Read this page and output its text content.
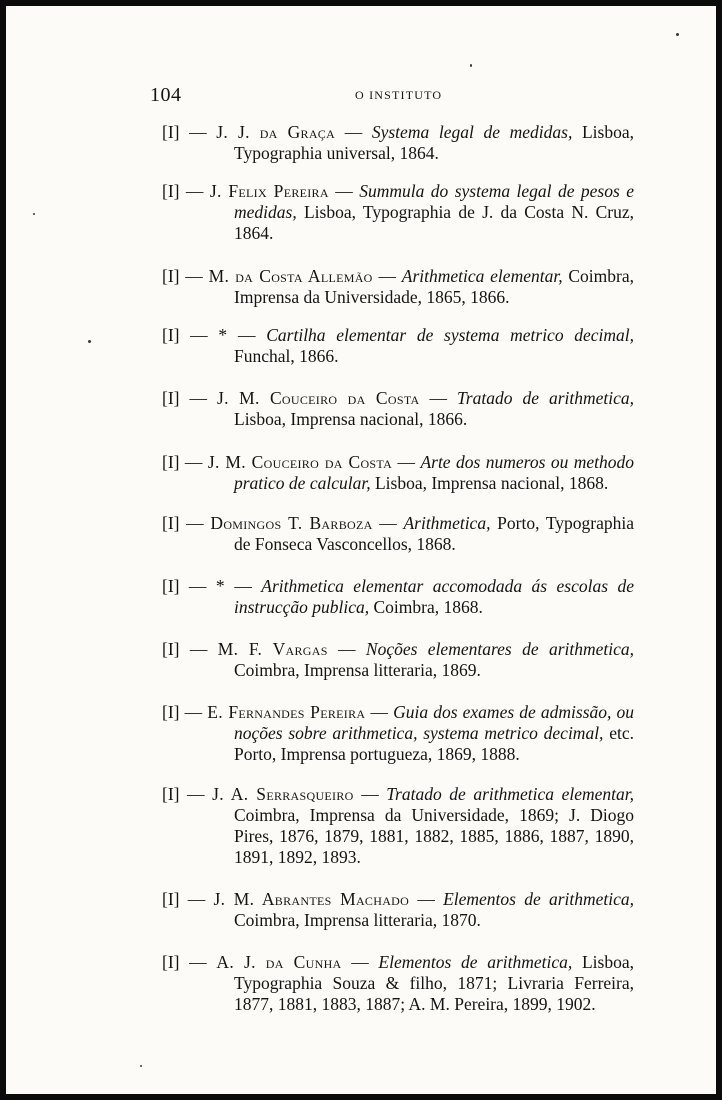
104	O INSTITUTO

[I] — J. J. da Graça — Systema legal de medidas, Lisboa, Typographia universal, 1864.

[I] — J. Felix Pereira — Summula do systema legal de pesos e medidas, Lisboa, Typographia de J. da Costa N. Cruz, 1864.

[I] — M. da Costa Allemão — Arithmetica elementar, Coimbra, Imprensa da Universidade, 1865, 1866.

[I] — * — Cartilha elementar de systema metrico decimal, Funchal, 1866.

[I] — J. M. Couceiro da Costa — Tratado de arithmetica, Lisboa, Imprensa nacional, 1866.

[I] — J. M. Couceiro da Costa — Arte dos numeros ou methodo pratico de calcular, Lisboa, Imprensa nacional, 1868.

[I] — Domingos T. Barboza — Arithmetica, Porto, Typographia de Fonseca Vasconcellos, 1868.

[I] — * — Arithmetica elementar accomodada ás escolas de instrucção publica, Coimbra, 1868.

[I] — M. F. Vargas — Noções elementares de arithmetica, Coimbra, Imprensa litteraria, 1869.

[I] — E. Fernandes Pereira — Guia dos exames de admissão, ou noções sobre arithmetica, systema metrico decimal, etc. Porto, Imprensa portugueza, 1869, 1888.

[I] — J. A. Serrasqueiro — Tratado de arithmetica elementar, Coimbra, Imprensa da Universidade, 1869; J. Diogo Pires, 1876, 1879, 1881, 1882, 1885, 1886, 1887, 1890, 1891, 1892, 1893.

[I] — J. M. Abrantes Machado — Elementos de arithmetica, Coimbra, Imprensa litteraria, 1870.

[I] — A. J. da Cunha — Elementos de arithmetica, Lisboa, Typographia Souza & filho, 1871; Livraria Ferreira, 1877, 1881, 1883, 1887; A. M. Pereira, 1899, 1902.
